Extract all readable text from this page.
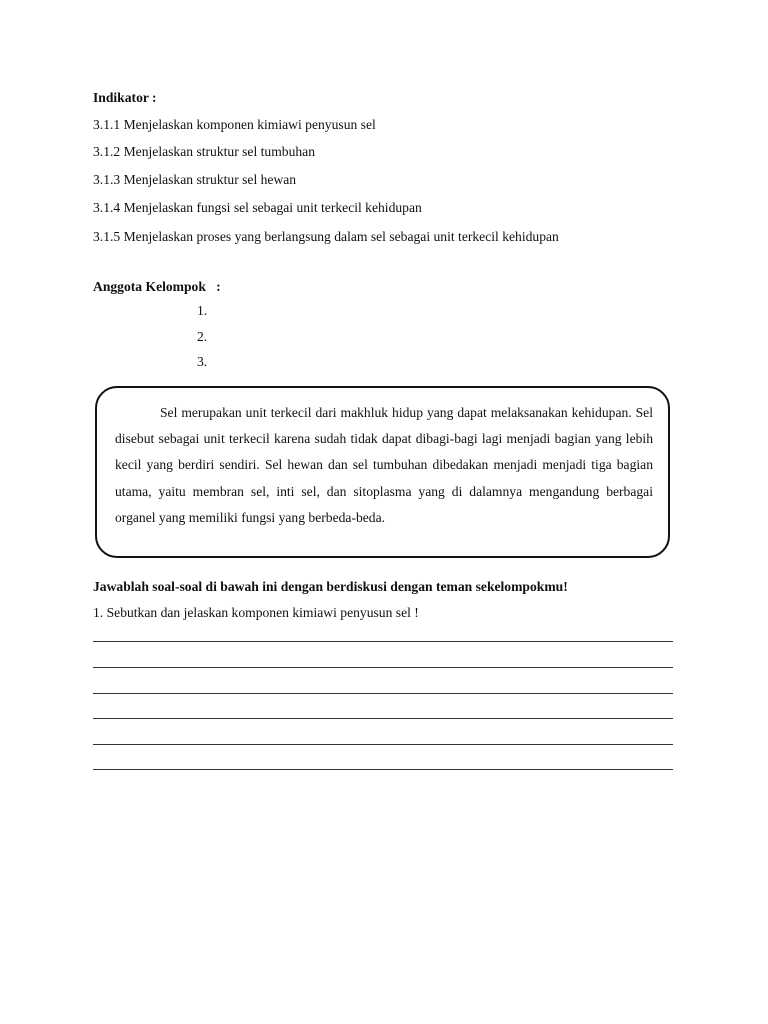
Indikator :
3.1.1 Menjelaskan komponen kimiawi penyusun sel
3.1.2 Menjelaskan struktur sel tumbuhan
3.1.3 Menjelaskan struktur sel hewan
3.1.4 Menjelaskan fungsi sel sebagai unit terkecil kehidupan
3.1.5 Menjelaskan proses yang berlangsung dalam sel sebagai unit terkecil kehidupan
Anggota Kelompok   :
1.
2.
3.
Sel merupakan unit terkecil dari makhluk hidup yang dapat melaksanakan kehidupan. Sel disebut sebagai unit terkecil karena sudah tidak dapat dibagi-bagi lagi menjadi bagian yang lebih kecil yang berdiri sendiri. Sel hewan dan sel tumbuhan dibedakan menjadi menjadi tiga bagian utama, yaitu membran sel, inti sel, dan sitoplasma yang di dalamnya mengandung berbagai organel yang memiliki fungsi yang berbeda-beda.
Jawablah soal-soal di bawah ini dengan berdiskusi dengan teman sekelompokmu!
1. Sebutkan dan jelaskan komponen kimiawi penyusun sel !
